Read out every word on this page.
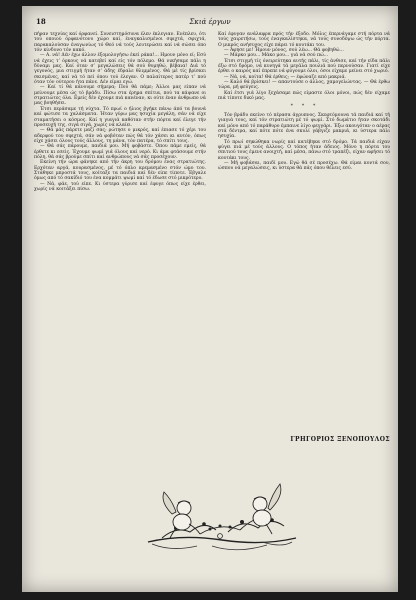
18	Σκιά έργων

πήραν τεχνίας καί όρφανεί. Συνειστημόσυνα έλεν έκλεγιαν. Ενέπλευ, ότι τού οποιού όρφανότονυ χώρο καί, έναγκαλισμένοι σφιχτά, σφιχτά, παρακαλούσαν έναγωνίως τό Θεό νά τούς λευτερώσει καί νά σώσει όπο τόν κίνδυνο τόν κακό.

— Α. νά! Δέν έχω άλλον έξομολογήσω έκεί ράκα!... Ημουν μόνο εί; Εσύ νά έχεις τ’ όρκους νά κατεβεί καί είς τόν πόλεμο. Θά νικήσαμε πάλι η δύναμι μας. Καί όταν σ’ μεγαλώσεις θά σού θυμηθώ, βέβαια! Διά τό γεγονός, μια στιγμή ήταν σ’ άδης έδραλε θλιμμένος. Θά μέ τίς βρίσκει σκισμένες, καί νά τό πεί όπου τού έλεγαν. Ο παλαίτερος πατέρ τ’ πού όταν τόν ούτερου ήτα πάνε. Δέν είμαι εγώ.

— Καί τί θά κάνουμε σήμερα; Πού θά πάμε; Άλλοι μας είπαν νά μείνουμε μέσα ώς τό βράδυ. Πίσω στα έρημα σπίτια, πού τα κάψανε οι στρατιώτες όλα. Εμείς δέν έχουμε πιά κανέναν, κι ούτε έναν άνθρωπο νά μας βοηθήσει.

Έτσι περάσαμε τή νύχτα. Τό πρωί ο ήλιος βγήκε πάνω άπό τα βουνά καί φώτισε τα χαλάσματα. Ήταν γύρω μας ησυχία μεγάλη, σάν νά είχε σταματήσει ο κόσμος. Καί η γιαγιά καθόταν στήν πόρτα καί έλεγε τήν προσευχή της, σιγά σιγά, χωρίς νά κλαίει.

— Θά μάς πάρετε μαζί σας; ρώτησε ο μικρός, καί έπιασε τό χέρι του αδερφού του σφιχτά, σάν νά φοβόταν πώς θά τόν χάσει κι αυτόν, όπως είχε χάσει όλους τούς άλλους, τη μάνα, τόν πατέρα, τό σπίτι τους.

— Θά σάς πάρουμε, παιδιά μου. Μή φοβάστε. Όπου πάμε εμείς, θά έρθετε κι εσείς. Έχουμε ψωμί γιά όλους καί νερό. Κι άμα φτάσουμε στήν πόλη, θά σάς βρούμε σπίτι καί ανθρώπους νά σάς προσέχουν.

Εκείνη τήν ώρα φάνηκε από τήν άκρη του δρόμου ένας στρατιώτης. Ερχόταν αργά, κουρασμένος, μέ τό όπλο κρεμασμένο στόν ώμο του. Στάθηκε μπροστά τους, κοίταξε τα παιδιά καί δέν είπε τίποτε. Έβγαλε όμως από τό σακίδιό του ένα κομμάτι ψωμί καί τό έδωσε στό μικρότερο.

— Νά, φάε, τού είπε. Κι ύστερα γύρισε καί έφυγε όπως είχε έρθει, χωρίς νά κοιτάξει πίσω.

Καί έφυγαν ανάλαφρα πρός τήν έξοδο. Μόλις έπερνάγαμε στή πόρτα νά τούς χαιρετήσω, τούς έναγκαλίστηκα, νά τούς συνοδέψω ώς τήν πόρτα. Ο μικρός ανήσυχος είχε πάρει τό κουτάκι του.

— Άφησε με! Ήμουν μόνος, σού λέω... Θά φοβηθώ...

— Μάρκο μου... Μάκο μου... γιά νά σού πώ...

Έτσι στιγμή τίς όνειρεύτηκα αυτής πάλι, τίς άνθισε, καί τήν είδα πάλι έξω στό δρόμο, νά κυνηγά τά μεγάλα πουλιά πού περνούσαν. Γιατί είχε έρθει ο καιρός καί έπρεπε νά φύγουμε όλοι, όσοι είχαμε μείνει στό χωριό.

— Νά, νά, κοίτα! Θά έρθεις; — έφώναζε από μακριά.

— Καλό θά βρίσκει! — απαντούσε ο άλλος, χαμογελώντας. — Θά έρθω τώρα, μή φεύγεις.

Καί έτσι γιά λίγο ξεχάσαμε πώς είμαστε όλοι μόνοι, πώς δέν είχαμε πιά τίποτε δικό μας.

*  *  *

Τόν βράδυ εκείνο τό πέρασα άγρυπνος. Σκεφτόμουνα τά παιδιά καί τή γιαγιά τους, καί τόν στρατιώτη μέ τό ψωμί. Στό δωμάτιο ήταν σκοτάδι καί μόνο από τό παράθυρο έμπαινε λίγο φεγγάρι. Έξω ακουγόταν ο αέρας στά δέντρα, καί πότε πότε ένα σκυλί γάβγιζε μακριά, κι ύστερα πάλι ησυχία.

Τό πρωί σηκώθηκα νωρίς καί κατέβηκα στό δρόμο. Τά παιδιά είχαν φύγει πιά μέ τούς άλλους. Ο τόπος ήταν άδειος. Μόνο η πόρτα του σπιτιού τους έμενε ανοιχτή, καί μέσα, πάνω στό τραπέζι, είχαν αφήσει τό κουτάκι τους.

— Μή φοβάσαι, παιδί μου. Εγώ θά σέ προσέχω. Θά είμαι κοντά σου, ώσπου νά μεγαλώσεις, κι ύστερα θά πάς όπου θέλεις εσύ.

ΓΡΗΓΟΡΙΟΣ ΞΕΝΟΠΟΥΛΟΣ
